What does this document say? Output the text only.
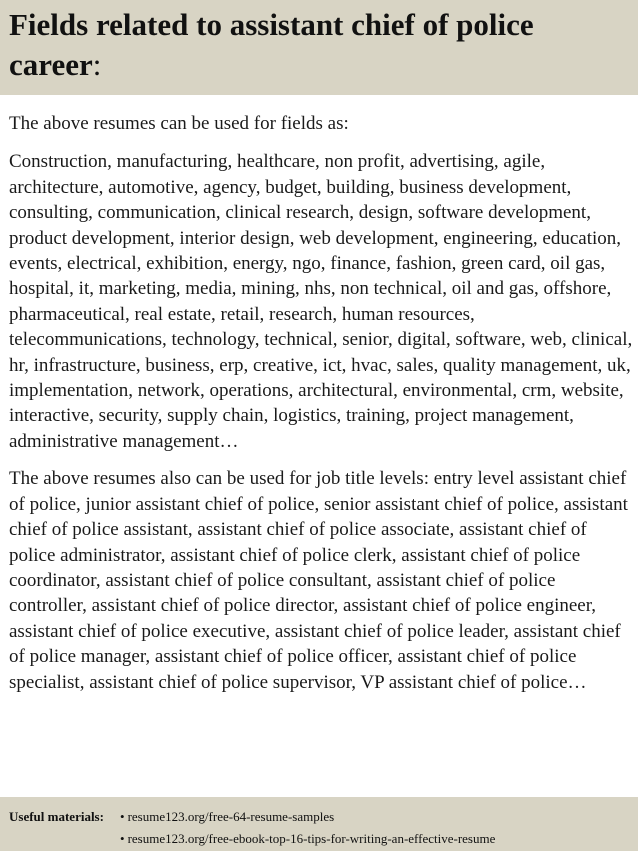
Fields related to assistant chief of police career:

The above resumes can be used for fields as:

Construction, manufacturing, healthcare, non profit, advertising, agile, architecture, automotive, agency, budget, building, business development, consulting, communication, clinical research, design, software development, product development, interior design, web development, engineering, education, events, electrical, exhibition, energy, ngo, finance, fashion, green card, oil gas, hospital, it, marketing, media, mining, nhs, non technical, oil and gas, offshore, pharmaceutical, real estate, retail, research, human resources, telecommunications, technology, technical, senior, digital, software, web, clinical, hr, infrastructure, business, erp, creative, ict, hvac, sales, quality management, uk, implementation, network, operations, architectural, environmental, crm, website, interactive, security, supply chain, logistics, training, project management, administrative management…

The above resumes also can be used for job title levels: entry level assistant chief of police, junior assistant chief of police, senior assistant chief of police, assistant chief of police assistant, assistant chief of police associate, assistant chief of police administrator, assistant chief of police clerk, assistant chief of police coordinator, assistant chief of police consultant, assistant chief of police controller, assistant chief of police director, assistant chief of police engineer, assistant chief of police executive, assistant chief of police leader, assistant chief of police manager, assistant chief of police officer, assistant chief of police specialist, assistant chief of police supervisor, VP assistant chief of police…

Useful materials:	• resume123.org/free-64-resume-samples
• resume123.org/free-ebook-top-16-tips-for-writing-an-effective-resume
